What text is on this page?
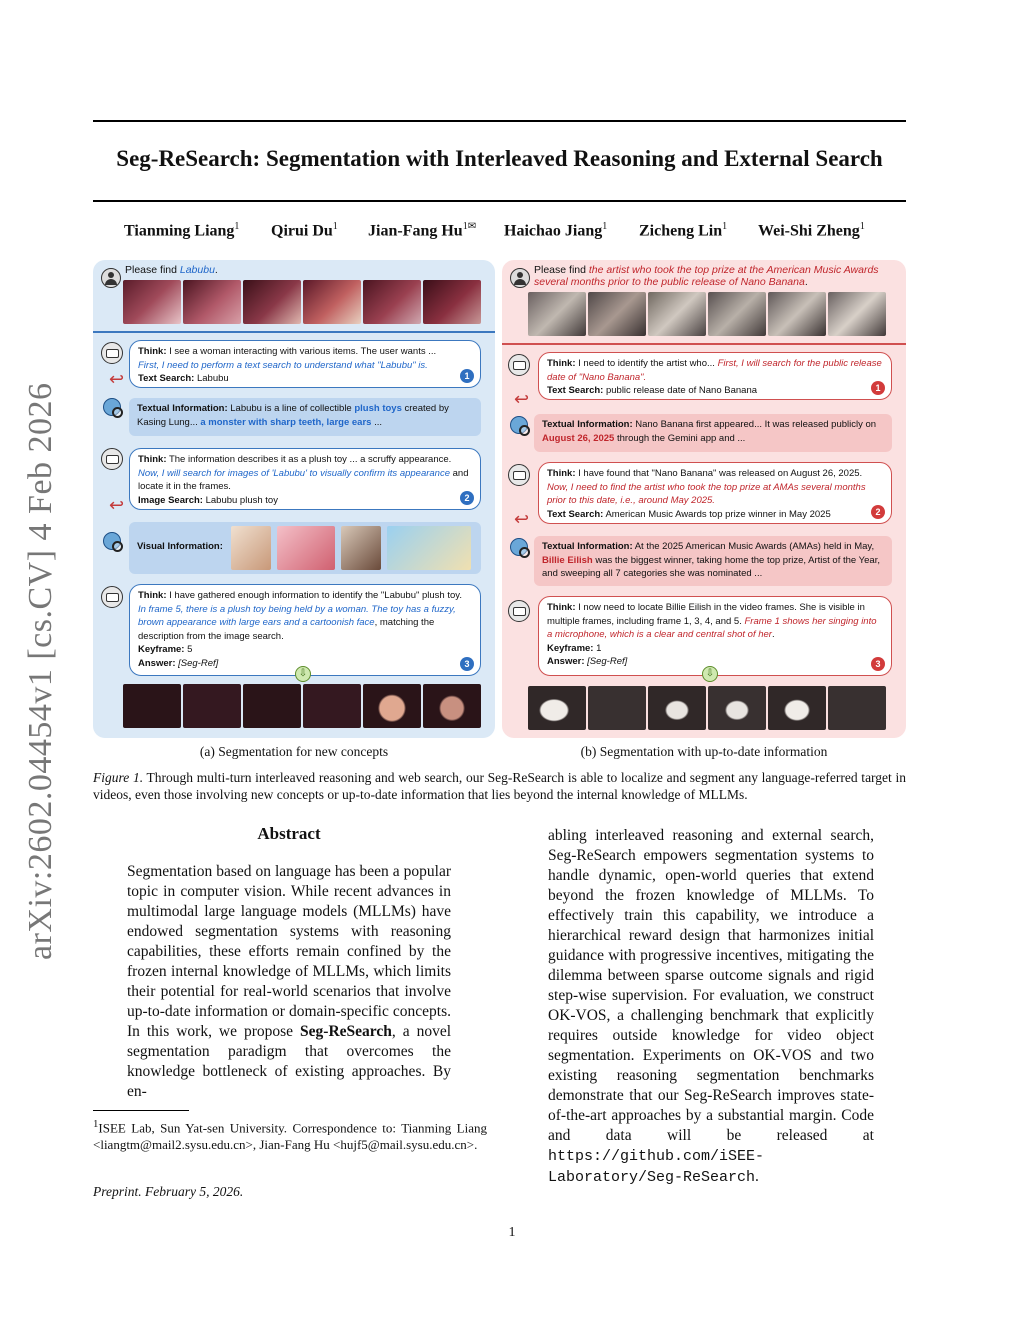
arXiv:2602.04454v1 [cs.CV] 4 Feb 2026
Seg-ReSearch: Segmentation with Interleaved Reasoning and External Search
Tianming Liang$^1$ Qirui Du$^1$ Jian-Fang $Hu^{1✉}$ Haichao Jiang$^1$ Zicheng Lin$^1$ Wei-Shi Zheng$^1$
Please find Labubu.
Think: I see a woman interacting with various items. The user wants ...
First, I need to perform a text search to understand what "Labubu" is.
Text Search: Labubu	1
↩
Textual Information: Labubu is a line of collectible plush toys created by Kasing Lung... a monster with sharp teeth, large ears ...
Think: The information describes it as a plush toy ... a scruffy appearance. Now, I will search for images of 'Labubu' to visually confirm its appearance and locate it in the frames.
Image Search: Labubu plush toy	2
↩
Visual Information:
Think: I have gathered enough information to identify the "Labubu" plush toy. In frame 5, there is a plush toy being held by a woman. The toy has a fuzzy, brown appearance with large ears and a cartoonish face, matching the description from the image search.
Keyframe: 5
Answer: [Seg-Ref]	3
⇩
Please find the artist who took the top prize at the American Music Awards several months prior to the public release of Nano Banana.
Think: I need to identify the artist who... First, I will search for the public release date of "Nano Banana".
Text Search: public release date of Nano Banana	1
↩
Textual Information: Nano Banana first appeared... It was released publicly on August 26, 2025 through the Gemini app and ...
Think: I have found that "Nano Banana" was released on August 26, 2025. Now, I need to find the artist who took the top prize at AMAs several months prior to this date, i.e., around May 2025.
Text Search: American Music Awards top prize winner in May 2025	2
↩
Textual Information: At the 2025 American Music Awards (AMAs) held in May, Billie Eilish was the biggest winner, taking home the top prize, Artist of the Year, and sweeping all 7 categories she was nominated ...
Think: I now need to locate Billie Eilish in the video frames. She is visible in multiple frames, including frame 1, 3, 4, and 5. Frame 1 shows her singing into a microphone, which is a clear and central shot of her.
Keyframe: 1
Answer: [Seg-Ref]	3
⇩
(a) Segmentation for new concepts	(b) Segmentation with up-to-date information
Figure 1. Through multi-turn interleaved reasoning and web search, our Seg-ReSearch is able to localize and segment any language-referred target in videos, even those involving new concepts or up-to-date information that lies beyond the internal knowledge of MLLMs.
Abstract
Segmentation based on language has been a popular topic in computer vision. While recent advances in multimodal large language models (MLLMs) have endowed segmentation systems with reasoning capabilities, these efforts remain confined by the frozen internal knowledge of MLLMs, which limits their potential for real-world scenarios that involve up-to-date information or domain-specific concepts. In this work, we propose Seg-ReSearch, a novel segmentation paradigm that overcomes the knowledge bottleneck of existing approaches. By en-
abling interleaved reasoning and external search, Seg-ReSearch empowers segmentation systems to handle dynamic, open-world queries that extend beyond the frozen knowledge of MLLMs. To effectively train this capability, we introduce a hierarchical reward design that harmonizes initial guidance with progressive incentives, mitigating the dilemma between sparse outcome signals and rigid step-wise supervision. For evaluation, we construct OK-VOS, a challenging benchmark that explicitly requires outside knowledge for video object segmentation. Experiments on OK-VOS and two existing reasoning segmentation benchmarks demonstrate that our Seg-ReSearch improves state-of-the-art approaches by a substantial margin. Code and data will be released at https://github.com/iSEE-Laboratory/Seg-ReSearch.
$^1$ISEE Lab, Sun Yat-sen University. Correspondence to: Tianming Liang <liangtm@mail2.sysu.edu.cn>, Jian-Fang Hu <hujf5@mail.sysu.edu.cn>.
Preprint. February 5, 2026.
1
